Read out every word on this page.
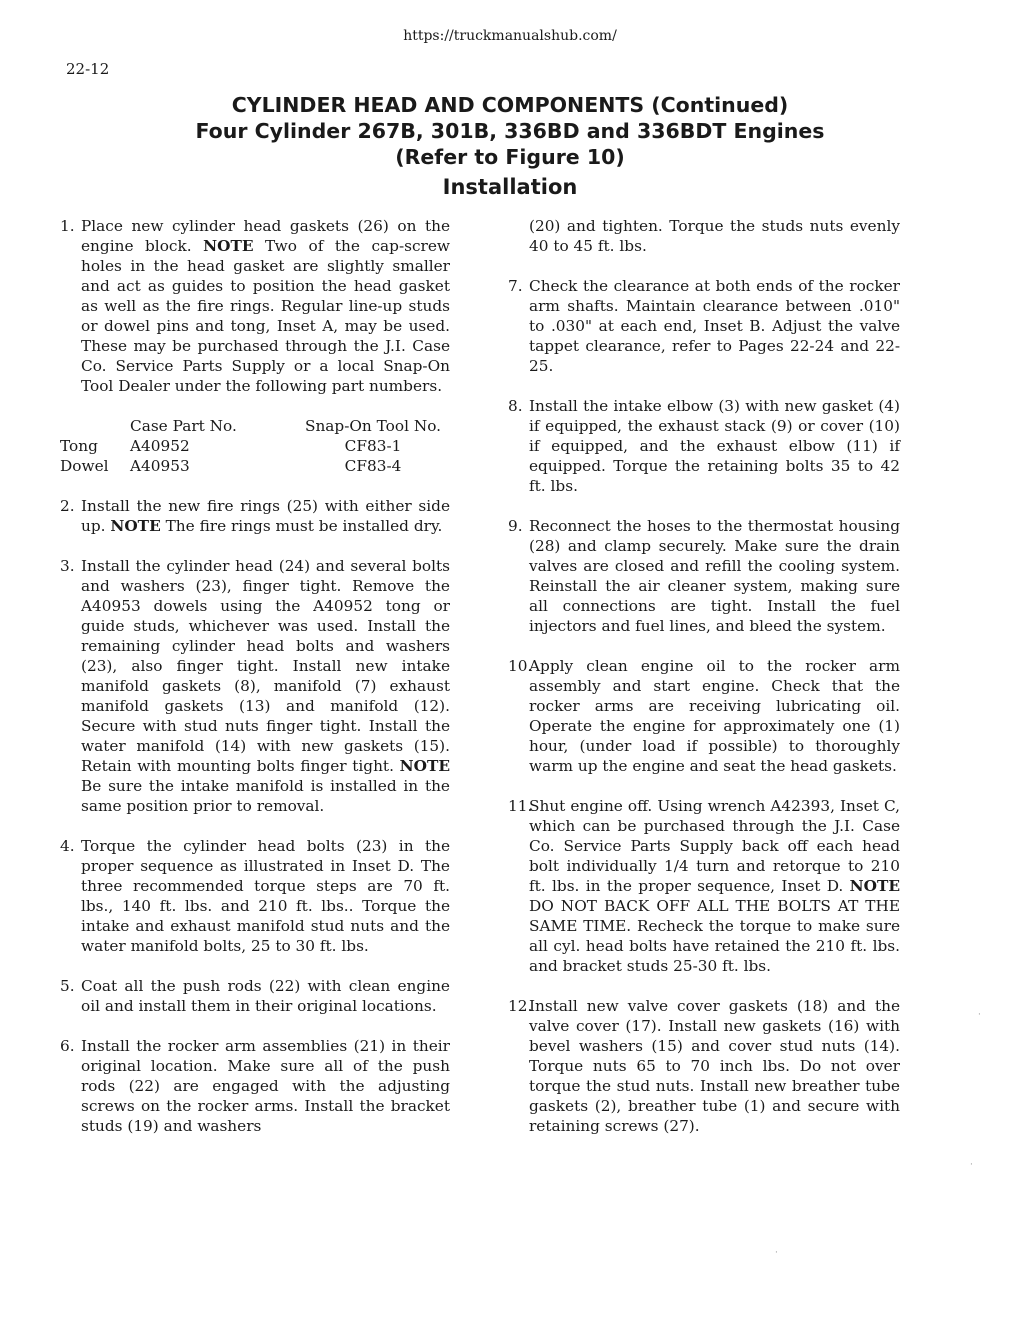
https://truckmanualshub.com/
22-12
CYLINDER HEAD AND COMPONENTS (Continued)
Four Cylinder 267B, 301B, 336BD and 336BDT Engines
(Refer to Figure 10)
Installation
1. Place new cylinder head gaskets (26) on the engine block. NOTE Two of the cap-screw holes in the head gasket are slightly smaller and act as guides to position the head gasket as well as the fire rings. Regular line-up studs or dowel pins and tong, Inset A, may be used. These may be purchased through the J.I. Case Co. Service Parts Supply or a local Snap-On Tool Dealer under the following part numbers.
	Case Part No.	Snap-On Tool No.
Tong	A40952	CF83-1
Dowel	A40953	CF83-4
2. Install the new fire rings (25) with either side up. NOTE The fire rings must be installed dry.
3. Install the cylinder head (24) and several bolts and washers (23), finger tight. Remove the A40953 dowels using the A40952 tong or guide studs, whichever was used. Install the remaining cylinder head bolts and washers (23), also finger tight. Install new intake manifold gaskets (8), manifold (7) exhaust manifold gaskets (13) and manifold (12). Secure with stud nuts finger tight. Install the water manifold (14) with new gaskets (15). Retain with mounting bolts finger tight. NOTE Be sure the intake manifold is installed in the same position prior to removal.
4. Torque the cylinder head bolts (23) in the proper sequence as illustrated in Inset D. The three recommended torque steps are 70 ft. lbs., 140 ft. lbs. and 210 ft. lbs.. Torque the intake and exhaust manifold stud nuts and the water manifold bolts, 25 to 30 ft. lbs.
5. Coat all the push rods (22) with clean engine oil and install them in their original locations.
6. Install the rocker arm assemblies (21) in their original location. Make sure all of the push rods (22) are engaged with the adjusting screws on the rocker arms. Install the bracket studs (19) and washers
(20) and tighten. Torque the studs nuts evenly 40 to 45 ft. lbs.
7. Check the clearance at both ends of the rocker arm shafts. Maintain clearance between .010" to .030" at each end, Inset B. Adjust the valve tappet clearance, refer to Pages 22-24 and 22-25.
8. Install the intake elbow (3) with new gasket (4) if equipped, the exhaust stack (9) or cover (10) if equipped, and the exhaust elbow (11) if equipped. Torque the retaining bolts 35 to 42 ft. lbs.
9. Reconnect the hoses to the thermostat housing (28) and clamp securely. Make sure the drain valves are closed and refill the cooling system. Reinstall the air cleaner system, making sure all connections are tight. Install the fuel injectors and fuel lines, and bleed the system.
10.
Apply clean engine oil to the rocker arm assembly and start engine. Check that the rocker arms are receiving lubricating oil. Operate the engine for approximately one (1) hour, (under load if possible) to thoroughly warm up the engine and seat the head gaskets.
11.
Shut engine off. Using wrench A42393, Inset C, which can be purchased through the J.I. Case Co. Service Parts Supply back off each head bolt individually 1/4 turn and retorque to 210 ft. lbs. in the proper sequence, Inset D. NOTE DO NOT BACK OFF ALL THE BOLTS AT THE SAME TIME. Recheck the torque to make sure all cyl. head bolts have retained the 210 ft. lbs. and bracket studs 25-30 ft. lbs.
12.
Install new valve cover gaskets (18) and the valve cover (17). Install new gaskets (16) with bevel washers (15) and cover stud nuts (14). Torque nuts 65 to 70 inch lbs. Do not over torque the stud nuts. Install new breather tube gaskets (2), breather tube (1) and secure with retaining screws (27).
·
·
·
